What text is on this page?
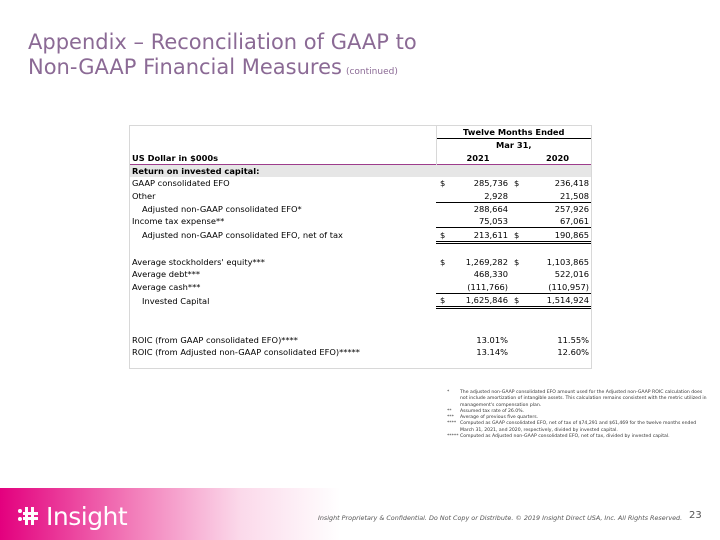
Appendix – Reconciliation of GAAP to
Non-GAAP Financial Measures (continued)
	Twelve Months Ended			
	Mar 31,			
US Dollar in $000s		2021		2020
Return on invested capital:				
GAAP consolidated EFO	$	285,736	$	236,418
Other		2,928		21,508
Adjusted non-GAAP consolidated EFO*		288,664		257,926
Income tax expense**		75,053		67,061
Adjusted non-GAAP consolidated EFO, net of tax	$	213,611	$	190,865

Average stockholders' equity***	$	1,269,282	$	1,103,865
Average debt***		468,330		522,016
Average cash***		(111,766)		(110,957)
Invested Capital	$	1,625,846	$	1,514,924

ROIC (from GAAP consolidated EFO)****		13.01%		11.55%
ROIC (from Adjusted non-GAAP consolidated EFO)*****		13.14%		12.60%
*	The adjusted non-GAAP consolidated EFO amount used for the Adjusted non-GAAP ROIC calculation does not include amortization of intangible assets. This calculation remains consistent with the metric utilized in management's compensation plan.
**	Assumed tax rate of 26.0%.
***	Average of previous five quarters.
**** Computed as GAAP consolidated EFO, net of tax of $74,291 and $61,469 for the twelve months ended March 31, 2021, and 2020, respectively, divided by invested capital.
***** Computed as Adjusted non-GAAP consolidated EFO, net of tax, divided by invested capital.
Insight	Insight Proprietary & Confidential. Do Not Copy or Distribute. © 2019 Insight Direct USA, Inc. All Rights Reserved. 23
